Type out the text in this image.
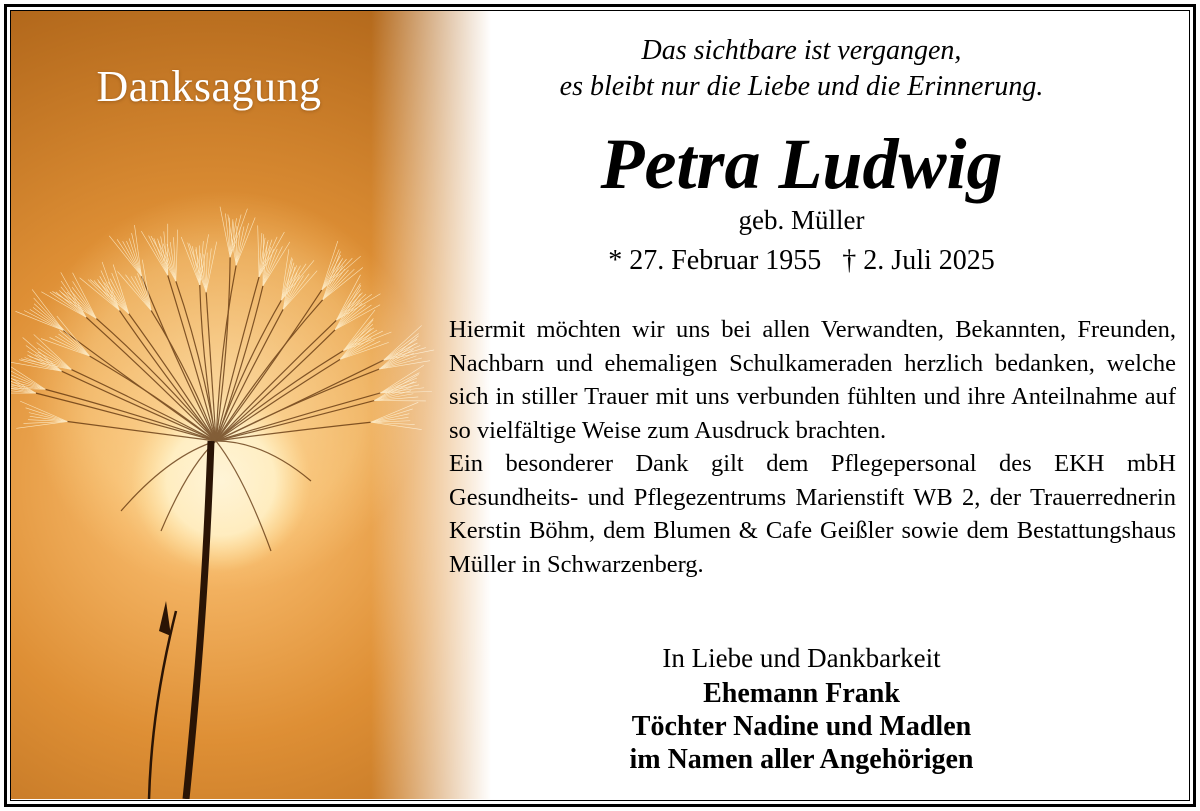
Danksagung
Das sichtbare ist vergangen,
es bleibt nur die Liebe und die Erinnerung.
Petra Ludwig
geb. Müller
* 27. Februar 1955   † 2. Juli 2025

Hiermit möchten wir uns bei allen Verwandten, Bekannten, Freunden, Nachbarn und ehemaligen Schulkameraden herzlich bedanken, welche sich in stiller Trauer mit uns verbunden fühlten und ihre Anteilnahme auf so vielfältige Weise zum Ausdruck brachten.

Ein besonderer Dank gilt dem Pflegepersonal des EKH mbH Gesundheits- und Pflegezentrums Marienstift WB 2, der Trauerrednerin Kerstin Böhm, dem Blumen & Cafe Geißler sowie dem Bestattungshaus Müller in Schwarzenberg.

In Liebe und Dankbarkeit
Ehemann Frank
Töchter Nadine und Madlen
im Namen aller Angehörigen
